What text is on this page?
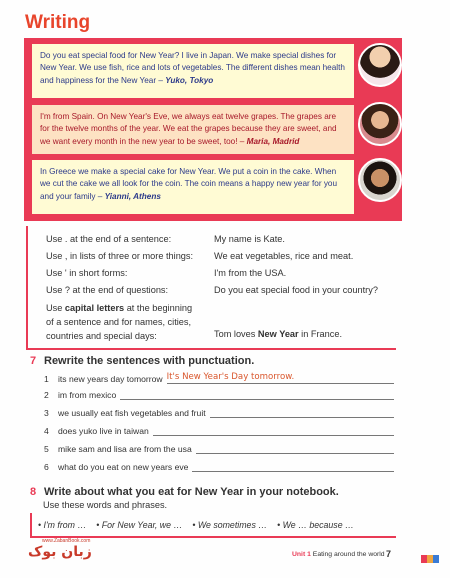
Writing
Do you eat special food for New Year? I live in Japan. We make special dishes for New Year. We use fish, rice and lots of vegetables. The different dishes mean health and happiness for the New Year – Yuko, Tokyo
I'm from Spain. On New Year's Eve, we always eat twelve grapes. The grapes are for the twelve months of the year. We eat the grapes because they are sweet, and we want every month in the new year to be sweet, too! – Maria, Madrid
In Greece we make a special cake for New Year. We put a coin in the cake. When we cut the cake we all look for the coin. The coin means a happy new year for you and your family – Yianni, Athens
Use . at the end of a sentence:	My name is Kate.
Use , in lists of three or more things: We eat vegetables, rice and meat.
Use ' in short forms:	I'm from the USA.
Use ? at the end of questions:	Do you eat special food in your country?
Use capital letters at the beginning
of a sentence and for names, cities,
countries and special days:	Tom loves New Year in France.
7 Rewrite the sentences with punctuation.
1	its new years day tomorrow It's New Year's Day tomorrow.
2	im from mexico
3	we usually eat fish vegetables and fruit
4	does yuko live in taiwan
5	mike sam and lisa are from the usa
6	what do you eat on new years eve
8 Write about what you eat for New Year in your notebook.
Use these words and phrases.
• I'm from … • For New Year, we … • We sometimes … • We … because …
www.ZabanBook.com
زبان بوک	Unit 1 Eating around the world 7
